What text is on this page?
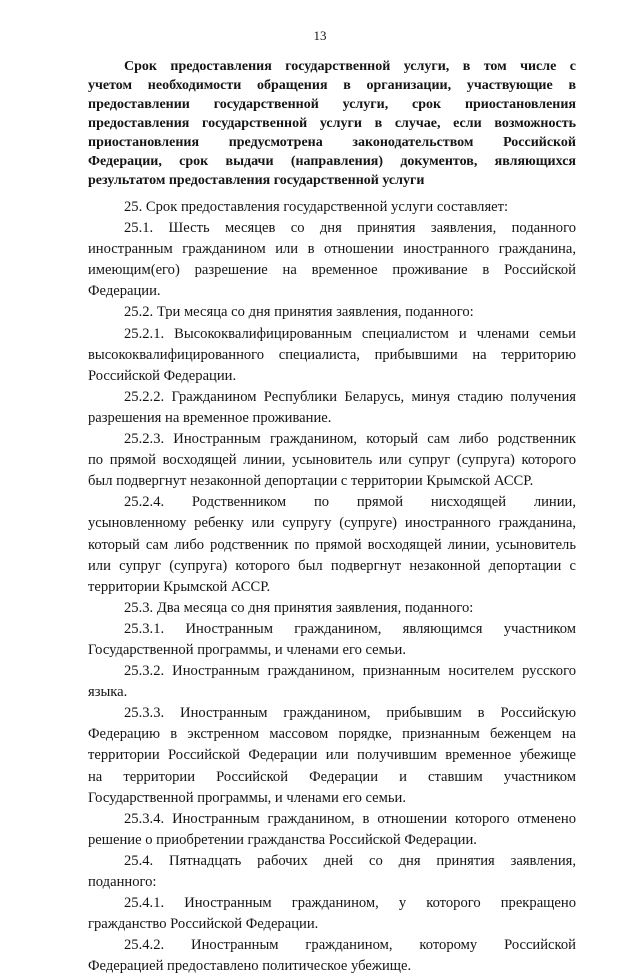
13
Срок предоставления государственной услуги, в том числе с
учетом необходимости обращения в организации, участвующие в
предоставлении государственной услуги, срок приостановления
предоставления государственной услуги в случае, если возможность
приостановления предусмотрена законодательством Российской
Федерации, срок выдачи (направления) документов, являющихся
результатом предоставления государственной услуги

25. Срок предоставления государственной услуги составляет:

25.1. Шесть месяцев со дня принятия заявления, поданного
иностранным гражданином или в отношении иностранного гражданина,
имеющим(его) разрешение на временное проживание в Российской
Федерации.

25.2. Три месяца со дня принятия заявления, поданного:

25.2.1. Высококвалифицированным специалистом и членами семьи
высококвалифицированного специалиста, прибывшими на территорию
Российской Федерации.

25.2.2. Гражданином Республики Беларусь, минуя стадию получения
разрешения на временное проживание.

25.2.3. Иностранным гражданином, который сам либо родственник
по прямой восходящей линии, усыновитель или супруг (супруга) которого
был подвергнут незаконной депортации с территории Крымской АССР.

25.2.4. Родственником по прямой нисходящей линии,
усыновленному ребенку или супругу (супруге) иностранного гражданина,
который сам либо родственник по прямой восходящей линии, усыновитель
или супруг (супруга) которого был подвергнут незаконной депортации с
территории Крымской АССР.

25.3. Два месяца со дня принятия заявления, поданного:

25.3.1. Иностранным гражданином, являющимся участником
Государственной программы, и членами его семьи.

25.3.2. Иностранным гражданином, признанным носителем русского
языка.

25.3.3. Иностранным гражданином, прибывшим в Российскую
Федерацию в экстренном массовом порядке, признанным беженцем на
территории Российской Федерации или получившим временное убежище
на территории Российской Федерации и ставшим участником
Государственной программы, и членами его семьи.

25.3.4. Иностранным гражданином, в отношении которого отменено
решение о приобретении гражданства Российской Федерации.

25.4. Пятнадцать рабочих дней со дня принятия заявления,
поданного:

25.4.1. Иностранным гражданином, у которого прекращено
гражданство Российской Федерации.

25.4.2. Иностранным гражданином, которому Российской
Федерацией предоставлено политическое убежище.
